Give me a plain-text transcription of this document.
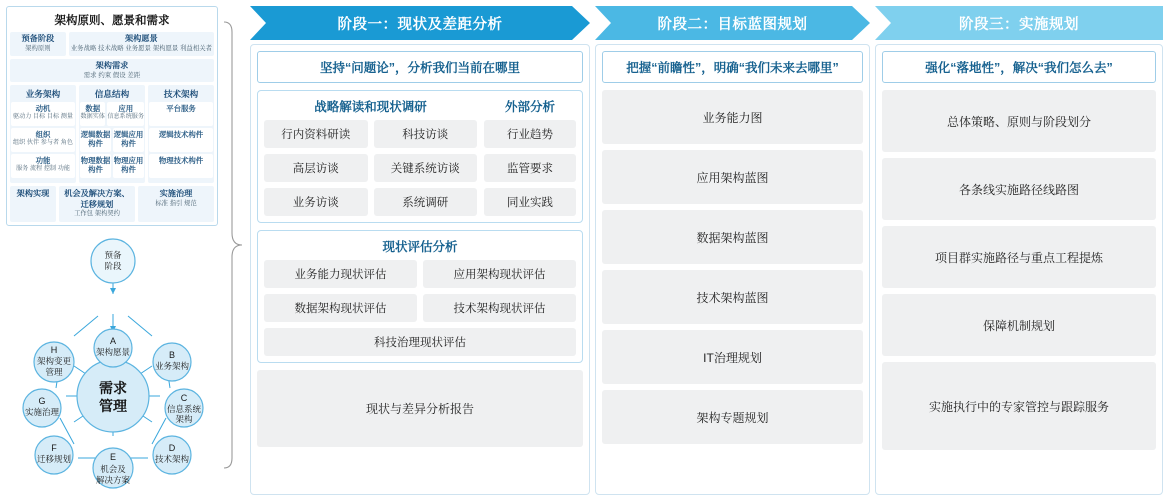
架构原则、愿景和需求
预备阶段
架构原则
架构愿景
业务战略 技术战略 业务愿景 架构愿景 利益相关者
架构需求
需求 约束 假设 差距
业务架构
动机
驱动力 目标 目标 测量
组织
组织 伙伴 参与者 角色
功能
服务 流程 控制 功能
信息结构
数据
数据实体
应用
信息系统服务
逻辑数据构件
逻辑应用构件
物理数据构件
物理应用构件
技术架构
平台服务
逻辑技术构件
物理技术构件
架构实现	机会及解决方案、迁移规划
工作包 架构契约
实施治理
标准 指引 规范
需求
管理
预备
阶段
A
架构愿景	B
业务架构
C
信息系统
架构
D
技术架构
E
机会及
解决方案
F
迁移规划
G
实施治理
H
架构变更
管理
阶段一：现状及差距分析
坚持“问题论”，分析我们当前在哪里
战略解读和现状调研
行内资料研读	科技访谈
高层访谈	关键系统访谈
业务访谈	系统调研
外部分析
行业趋势
监管要求
同业实践
现状评估分析
业务能力现状评估	应用架构现状评估
数据架构现状评估	技术架构现状评估
科技治理现状评估
现状与差异分析报告
阶段二：目标蓝图规划
把握“前瞻性”，明确“我们未来去哪里”
业务能力图
应用架构蓝图
数据架构蓝图
技术架构蓝图
IT治理规划
架构专题规划
阶段三：实施规划
强化“落地性”，解决“我们怎么去”
总体策略、原则与阶段划分
各条线实施路径线路图
项目群实施路径与重点工程提炼
保障机制规划
实施执行中的专家管控与跟踪服务
